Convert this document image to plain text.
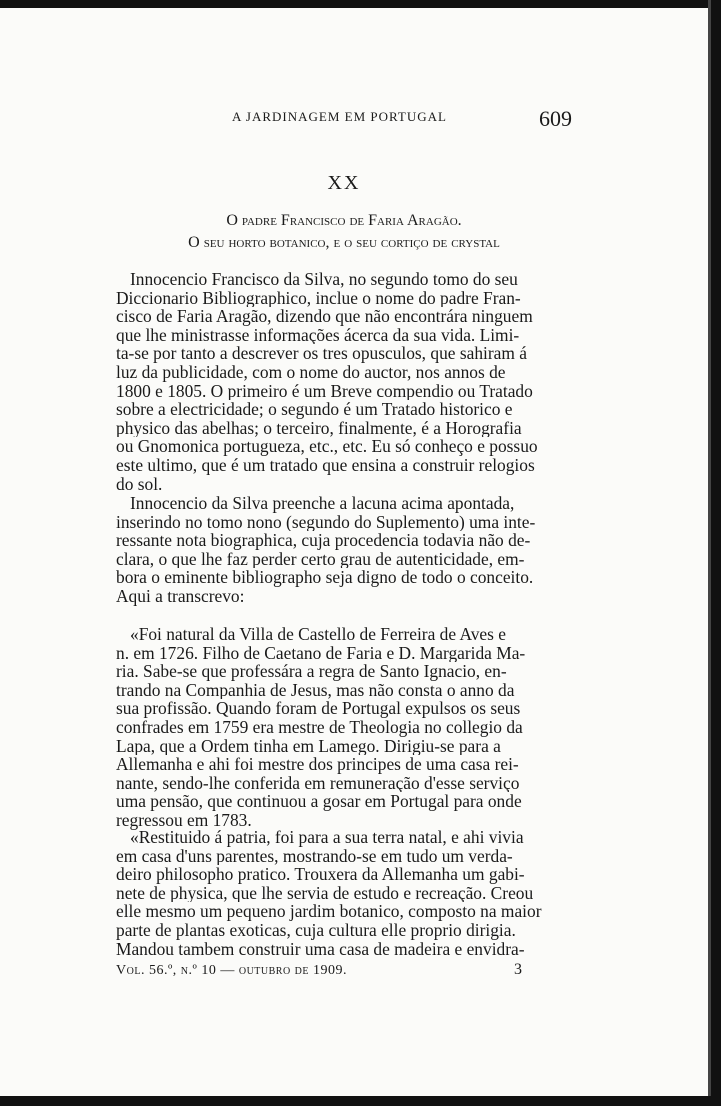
A JARDINAGEM EM PORTUGAL	609
XX
O padre Francisco de Faria Aragão.
O seu horto botanico, e o seu cortiço de crystal
Innocencio Francisco da Silva, no segundo tomo do seu
Diccionario Bibliographico, inclue o nome do padre Fran-
cisco de Faria Aragão, dizendo que não encontrára ninguem
que lhe ministrasse informações ácerca da sua vida. Limi-
ta-se por tanto a descrever os tres opusculos, que sahiram á
luz da publicidade, com o nome do auctor, nos annos de
1800 e 1805. O primeiro é um Breve compendio ou Tratado
sobre a electricidade; o segundo é um Tratado historico e
physico das abelhas; o terceiro, finalmente, é a Horografia
ou Gnomonica portugueza, etc., etc. Eu só conheço e possuo
este ultimo, que é um tratado que ensina a construir relogios
do sol.
Innocencio da Silva preenche a lacuna acima apontada,
inserindo no tomo nono (segundo do Suplemento) uma inte-
ressante nota biographica, cuja procedencia todavia não de-
clara, o que lhe faz perder certo grau de autenticidade, em-
bora o eminente bibliographo seja digno de todo o conceito.
Aqui a transcrevo:
«Foi natural da Villa de Castello de Ferreira de Aves e
n. em 1726. Filho de Caetano de Faria e D. Margarida Ma-
ria. Sabe-se que professára a regra de Santo Ignacio, en-
trando na Companhia de Jesus, mas não consta o anno da
sua profissão. Quando foram de Portugal expulsos os seus
confrades em 1759 era mestre de Theologia no collegio da
Lapa, que a Ordem tinha em Lamego. Dirigiu-se para a
Allemanha e ahi foi mestre dos principes de uma casa rei-
nante, sendo-lhe conferida em remuneração d'esse serviço
uma pensão, que continuou a gosar em Portugal para onde
regressou em 1783.
«Restituido á patria, foi para a sua terra natal, e ahi vivia
em casa d'uns parentes, mostrando-se em tudo um verda-
deiro philosopho pratico. Trouxera da Allemanha um gabi-
nete de physica, que lhe servia de estudo e recreação. Creou
elle mesmo um pequeno jardim botanico, composto na maior
parte de plantas exoticas, cuja cultura elle proprio dirigia.
Mandou tambem construir uma casa de madeira e envidra-
Vol. 56.º, n.º 10 — outubro de 1909.	3
